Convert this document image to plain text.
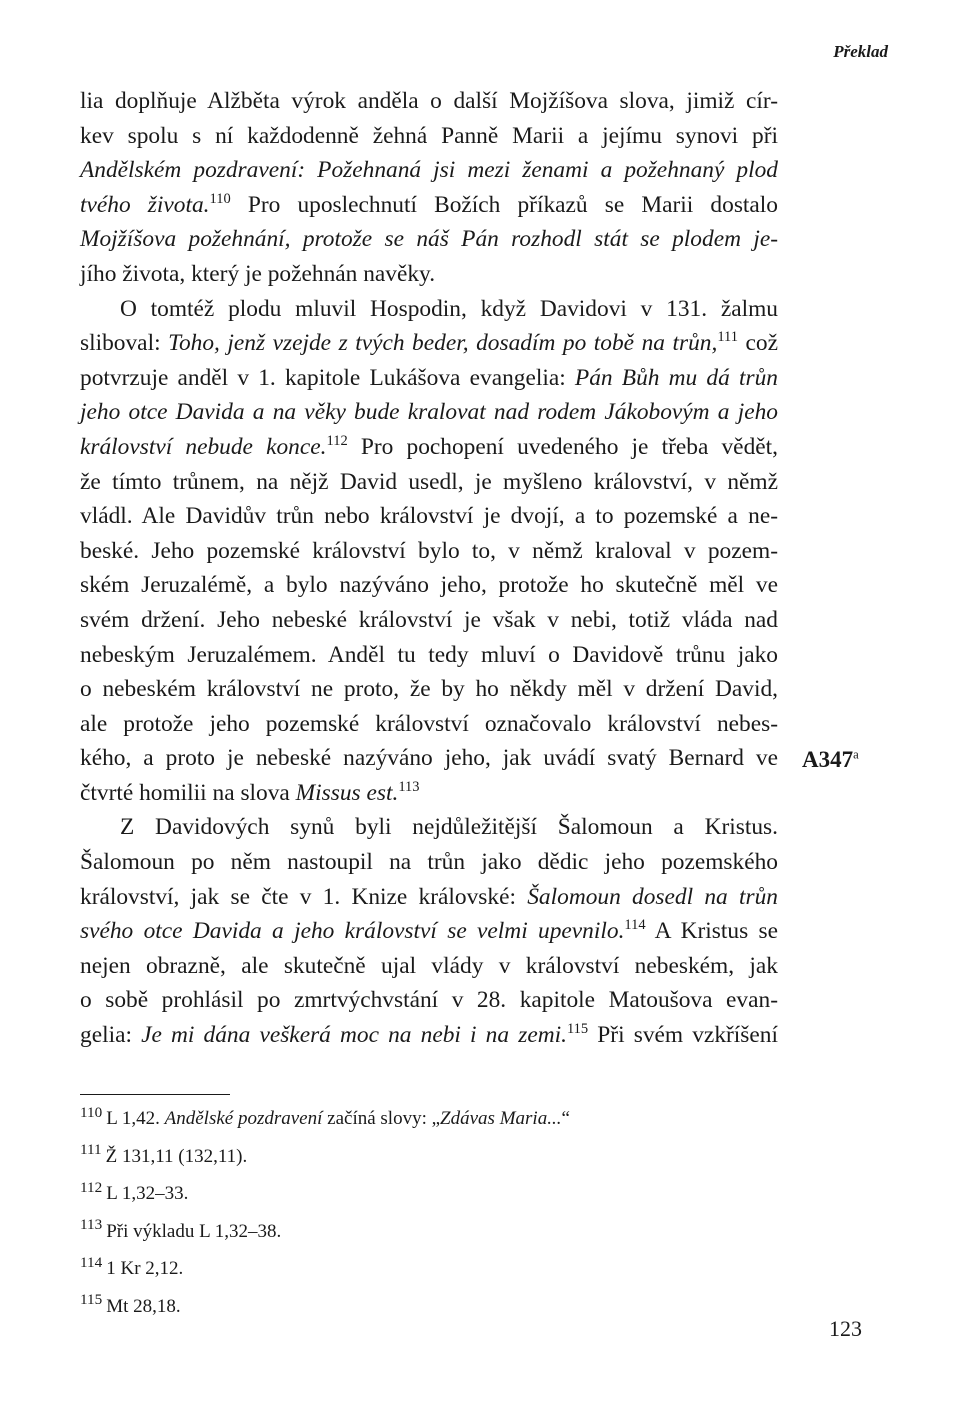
Překlad
lia doplňuje Alžběta výrok anděla o další Mojžíšova slova, jimiž cír-
kev spolu s ní každodenně žehná Panně Marii a jejímu synovi při
Andělském pozdravení: Požehnaná jsi mezi ženami a požehnaný plod
tvého života.$^{110}$ Pro uposlechnutí Božích příkazů se Marii dostalo
Mojžíšova požehnání, protože se náš Pán rozhodl stát se plodem je-
jího života, který je požehnán navěky.
O tomtéž plodu mluvil Hospodin, když Davidovi v 131. žalmu
sliboval: Toho, jenž vzejde z tvých beder, dosadím po tobě na trůn,$^{111}$ což
potvrzuje anděl v 1. kapitole Lukášova evangelia: Pán Bůh mu dá trůn
jeho otce Davida a na věky bude kralovat nad rodem Jákobovým a jeho
království nebude konce.$^{112}$ Pro pochopení uvedeného je třeba vědět,
že tímto trůnem, na nějž David usedl, je myšleno království, v němž
vládl. Ale Davidův trůn nebo království je dvojí, a to pozemské a ne-
beské. Jeho pozemské království bylo to, v němž kraloval v pozem-
ském Jeruzalémě, a bylo nazýváno jeho, protože ho skutečně měl ve
svém držení. Jeho nebeské království je však v nebi, totiž vláda nad
nebeským Jeruzalémem. Anděl tu tedy mluví o Davidově trůnu jako
o nebeském království ne proto, že by ho někdy měl v držení David,
ale protože jeho pozemské království označovalo království nebes-
kého, a proto je nebeské nazýváno jeho, jak uvádí svatý Bernard ve
čtvrté homilii na slova Missus est.$^{113}$
Z Davidových synů byli nejdůležitější Šalomoun a Kristus.
Šalomoun po něm nastoupil na trůn jako dědic jeho pozemského
království, jak se čte v 1. Knize královské: Šalomoun dosedl na trůn
svého otce Davida a jeho království se velmi upevnilo.$^{114}$ A Kristus se
nejen obrazně, ale skutečně ujal vlády v království nebeském, jak
o sobě prohlásil po zmrtvýchvstání v 28. kapitole Matoušova evan-
gelia: Je mi dána veškerá moc na nebi i na zemi.$^{115}$ Při svém vzkříšení
A347$^a$
$^{110}$ L 1,42. Andělské pozdravení začíná slovy: „Zdávas Maria...“
$^{111}$ Ž 131,11 (132,11).
$^{112}$ L 1,32–33.
$^{113}$ Při výkladu L 1,32–38.
$^{114}$ 1 Kr 2,12.
$^{115}$ Mt 28,18.
123
